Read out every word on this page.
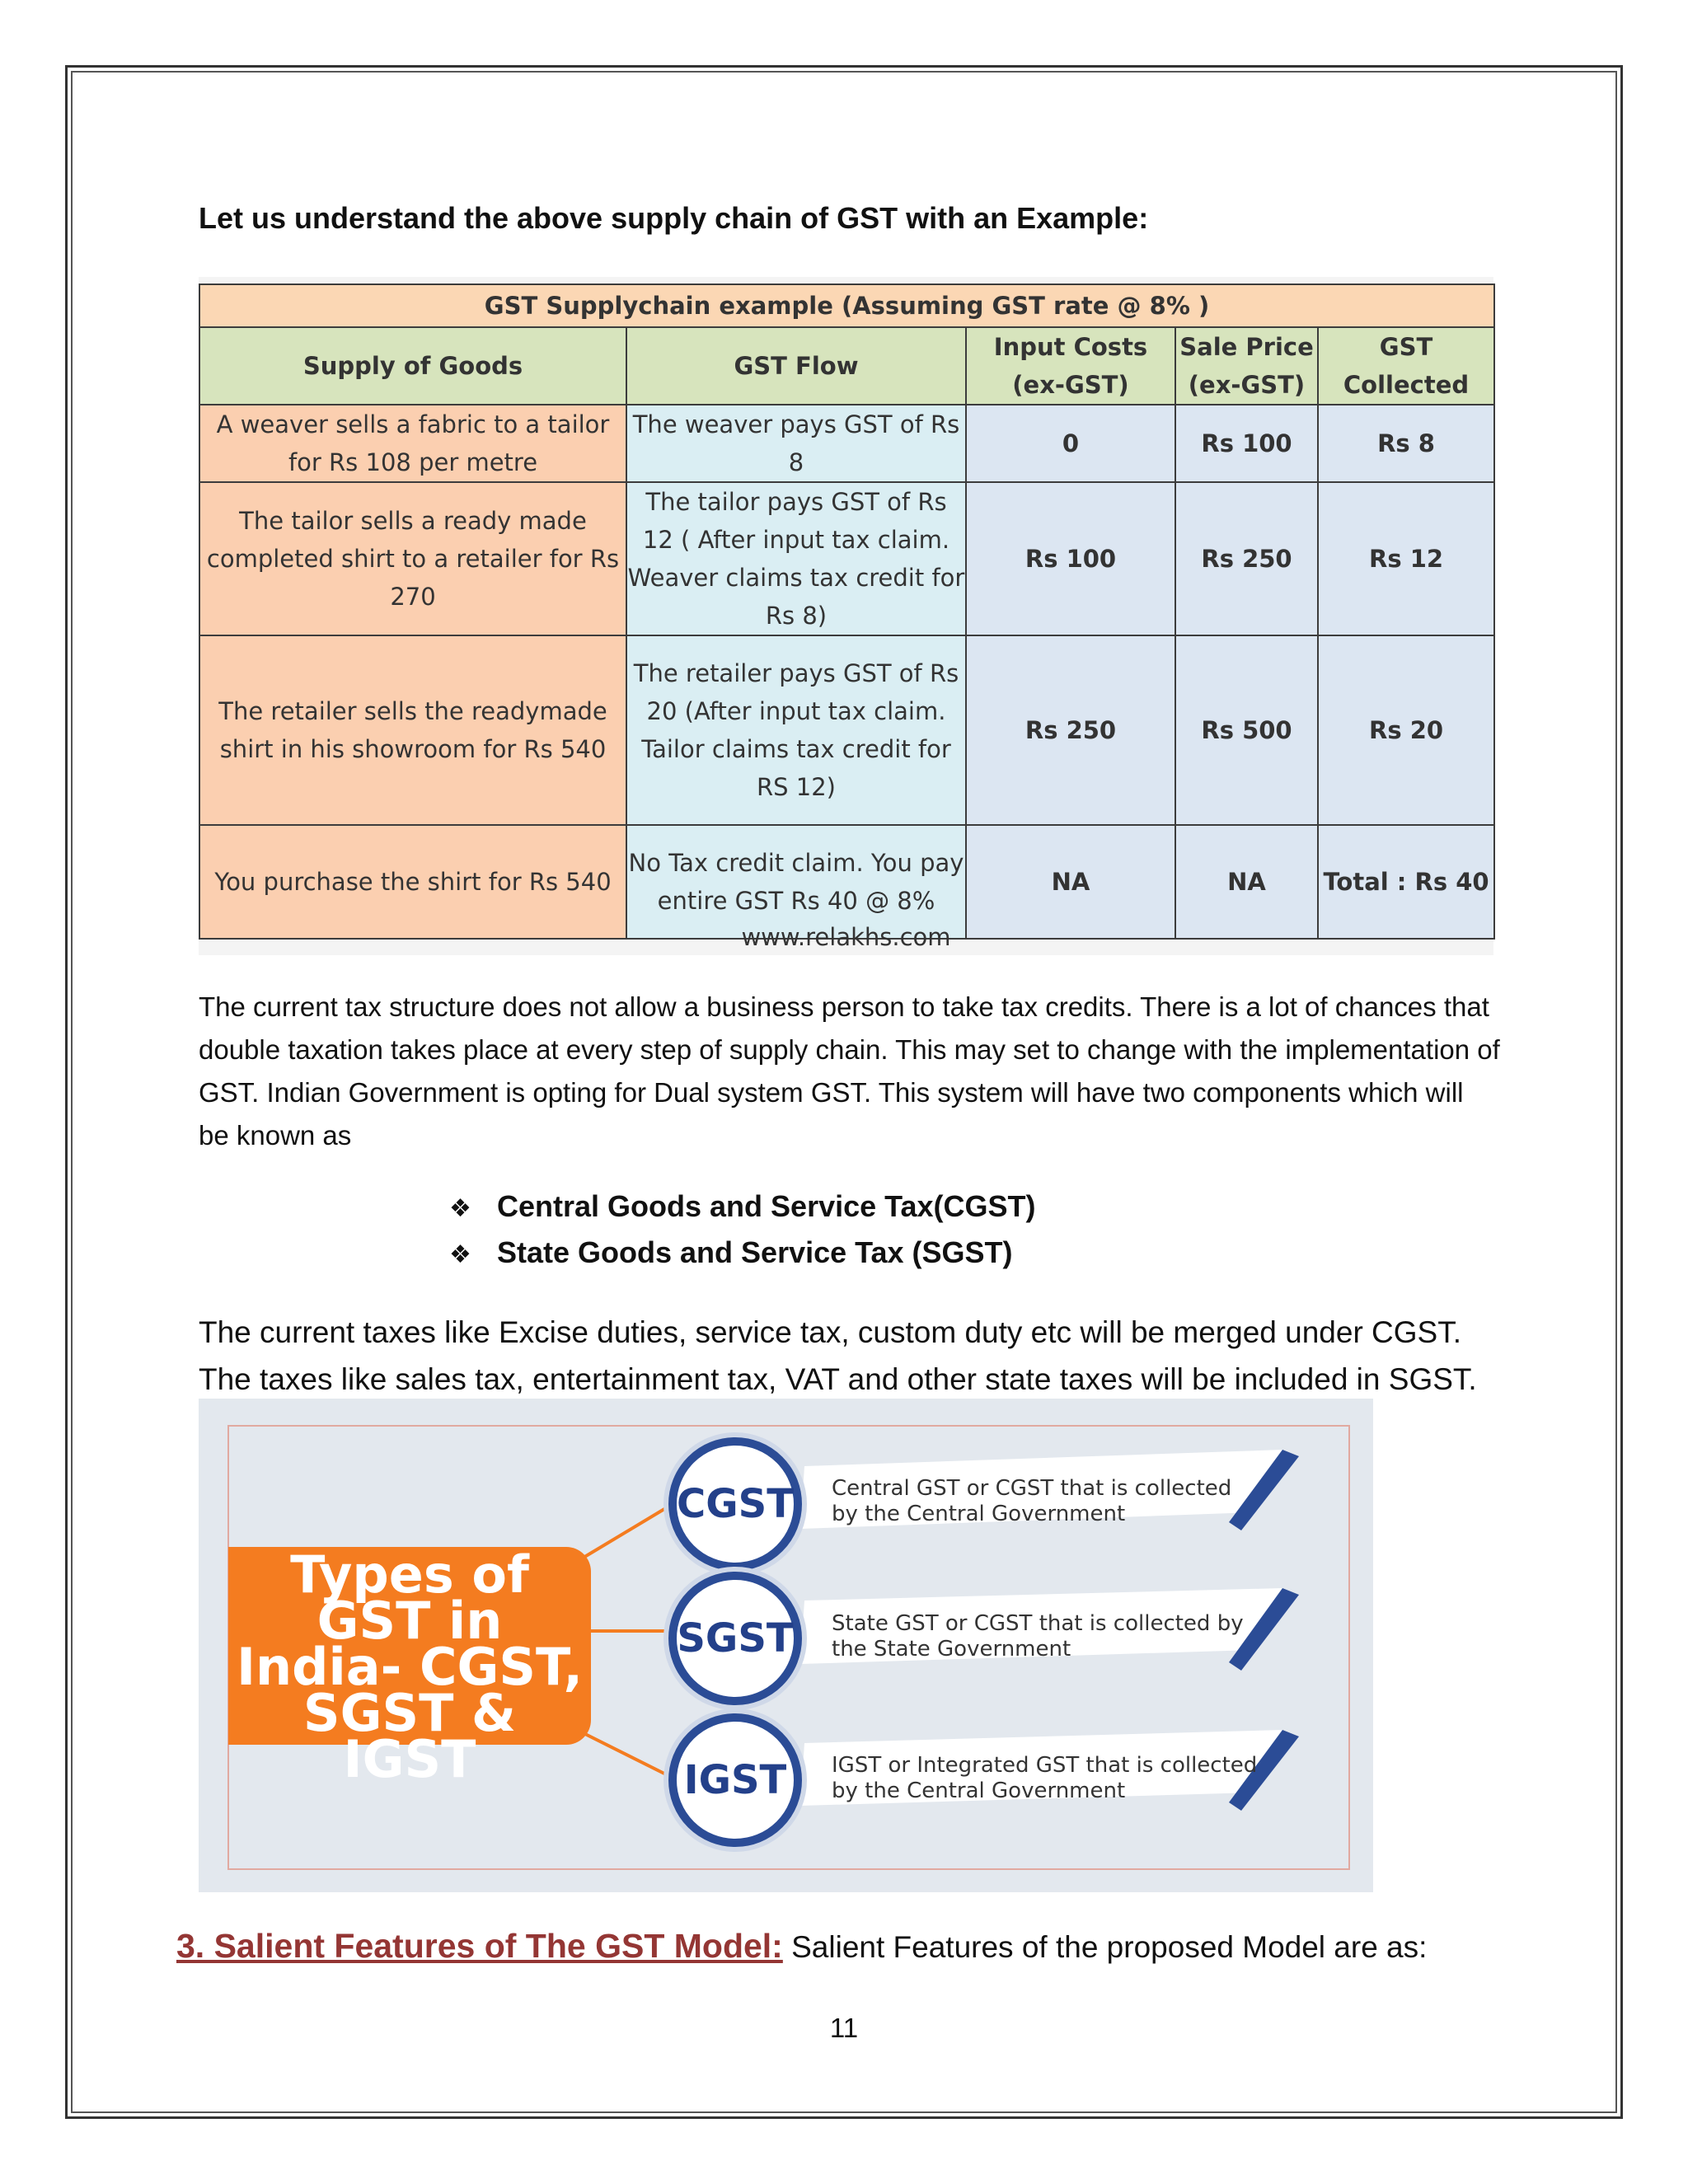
Let us understand the above supply chain of GST with an Example:
GST Supplychain example (Assuming GST rate @ 8% )				
Supply of Goods	GST Flow	Input Costs (ex-GST)	Sale Price (ex-GST)	GST Collected
A weaver sells a fabric to a tailor for Rs 108 per metre	The weaver pays GST of Rs 8	0	Rs 100	Rs 8
The tailor sells a ready made completed shirt to a retailer for Rs 270	The tailor pays GST of Rs 12 ( After input tax claim. Weaver claims tax credit for Rs 8)	Rs 100	Rs 250	Rs 12
The retailer sells the readymade shirt in his showroom for Rs 540	The retailer pays GST of Rs 20 (After input tax claim. Tailor claims tax credit for RS 12)	Rs 250	Rs 500	Rs 20
You purchase the shirt for Rs 540	No Tax credit claim. You pay entire GST Rs 40 @ 8%	NA	NA	Total : Rs 40
www.relakhs.com

The current tax structure does not allow a business person to take tax credits. There is a lot of chances that double taxation takes place at every step of supply chain. This may set to change with the implementation of GST. Indian Government is opting for Dual system GST. This system will have two components which will be known as

❖ Central Goods and Service Tax(CGST)
❖ State Goods and Service Tax (SGST)

The current taxes like Excise duties, service tax, custom duty etc will be merged under CGST. The taxes like sales tax, entertainment tax, VAT and other state taxes will be included in SGST.

Types of GST in India- CGST, SGST & IGST
CGST
SGST
IGST
Central GST or CGST that is collected by the Central Government
State GST or CGST that is collected by the State Government
IGST or Integrated GST that is collected by the Central Government
3. Salient Features of The GST Model: Salient Features of the proposed Model are as:
11
